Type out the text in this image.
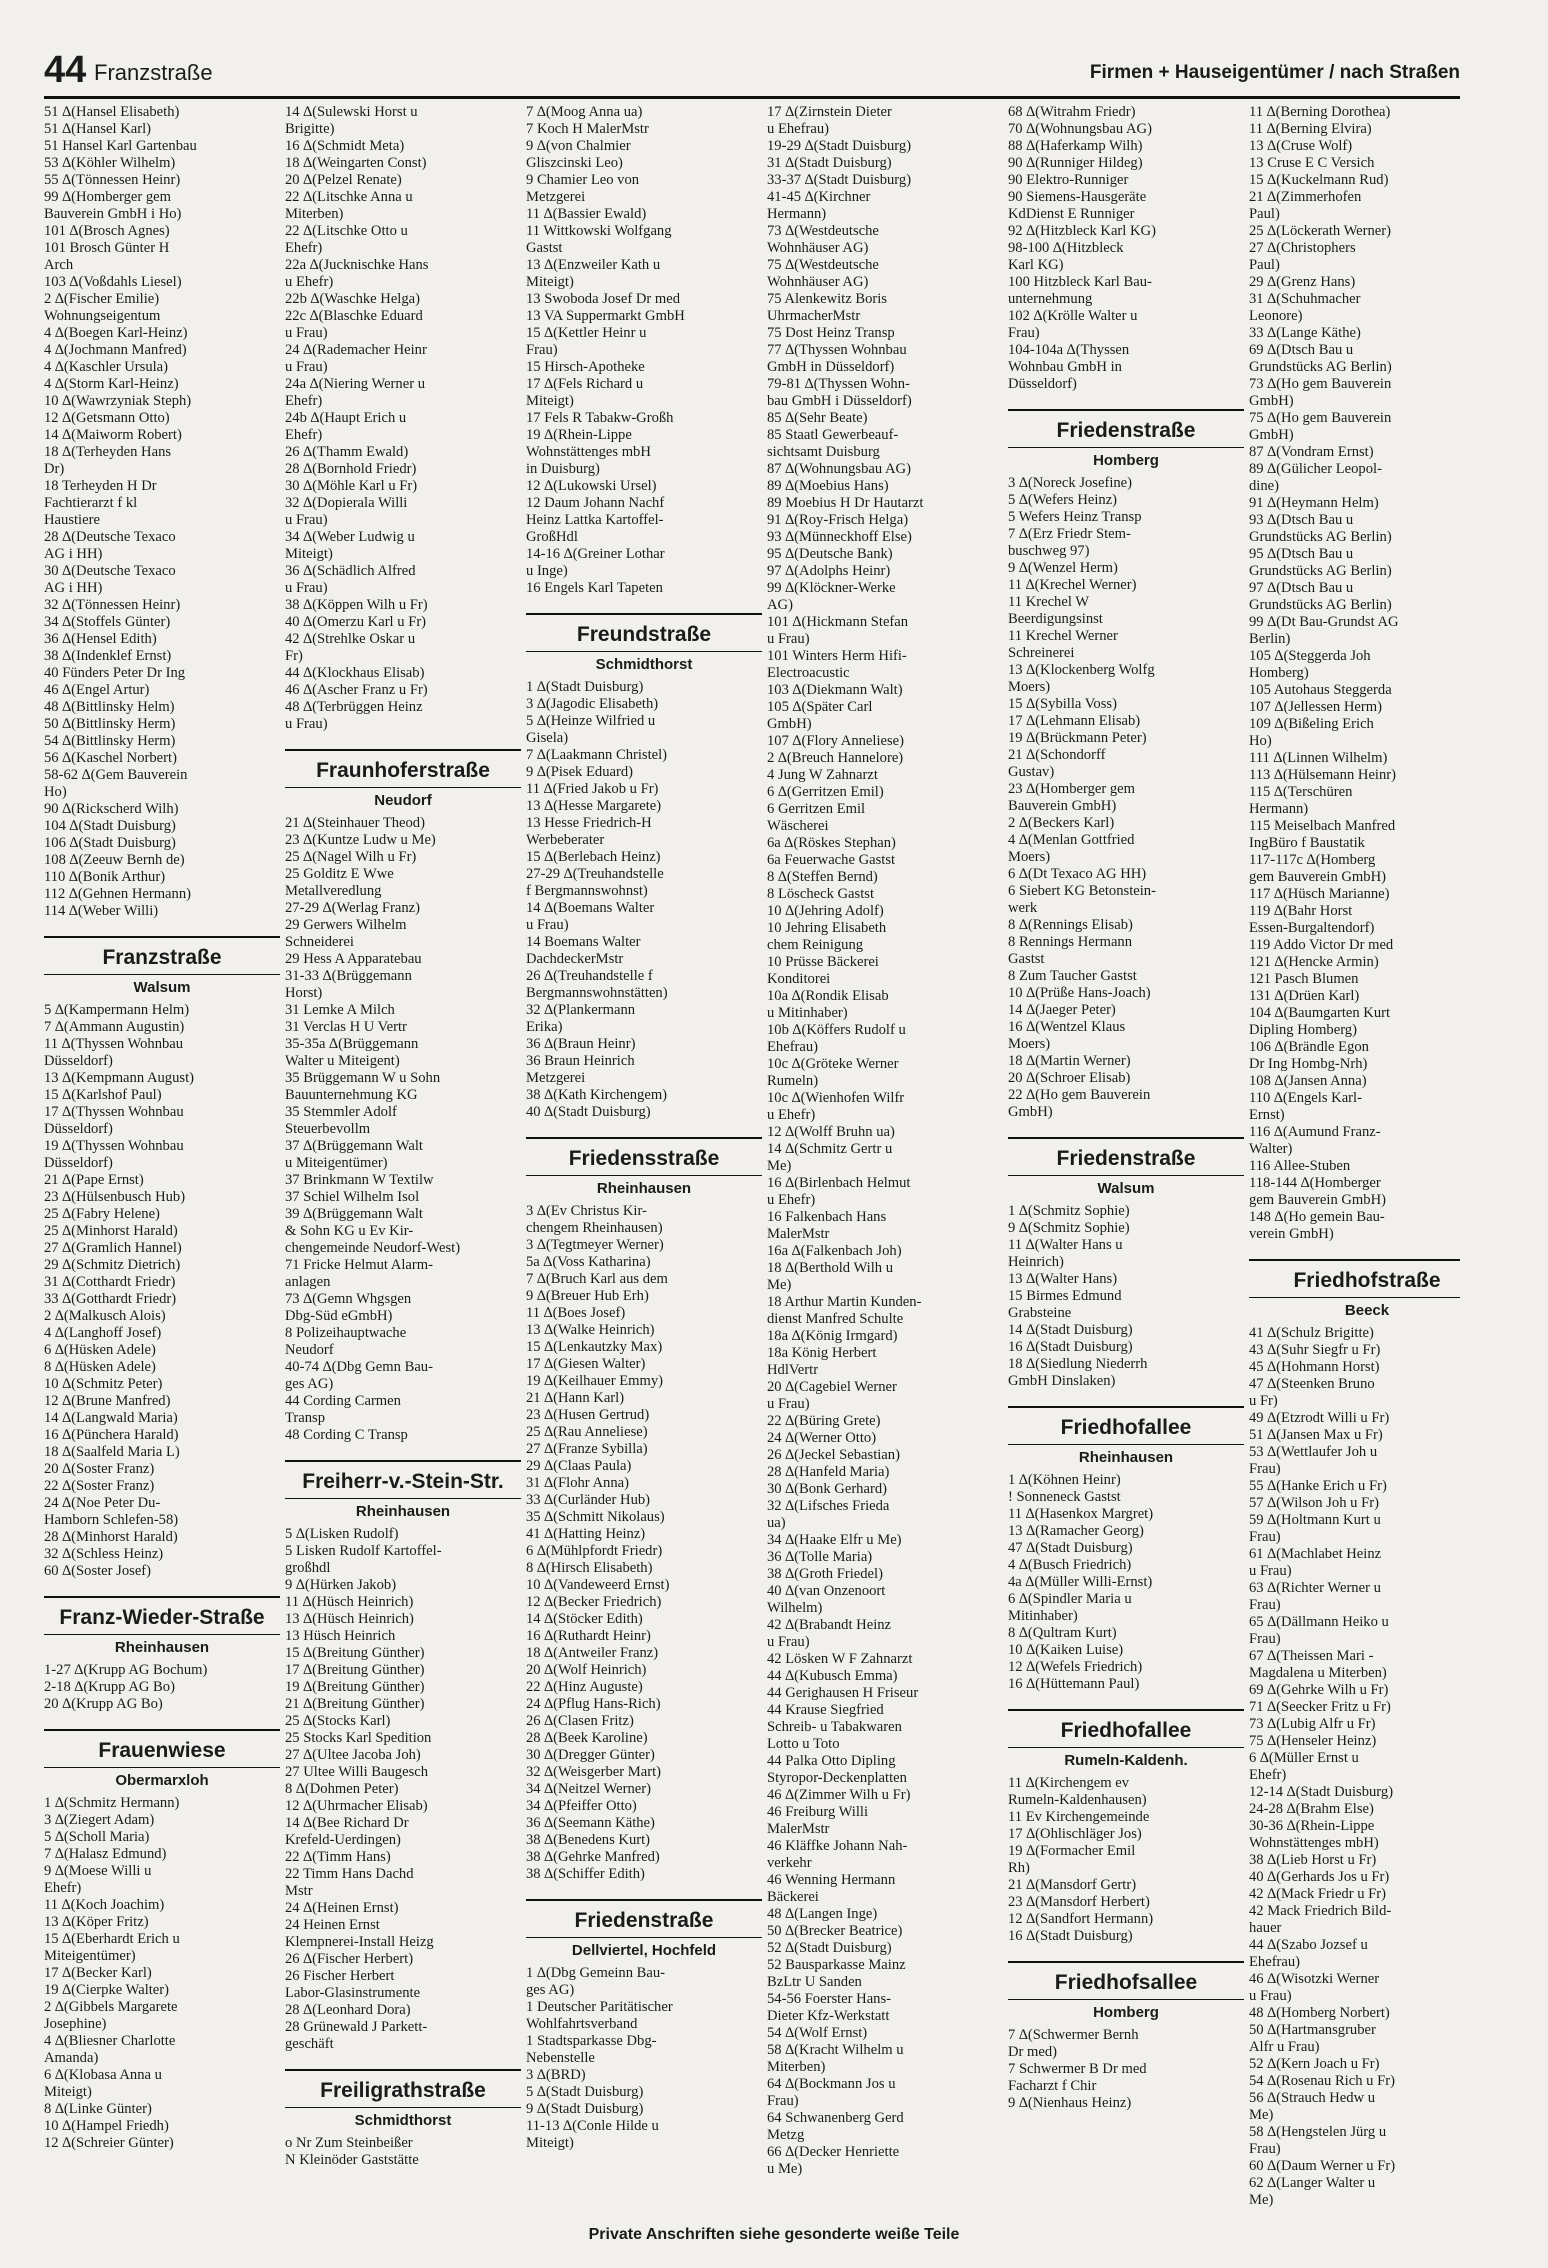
44 Franzstraße	Firmen + Hauseigentümer / nach Straßen
51 ∆(Hansel Elisabeth)
51 ∆(Hansel Karl)
51 Hansel Karl Gartenbau
53 ∆(Köhler Wilhelm)
55 ∆(Tönnessen Heinr)
99 ∆(Homberger gem
Bauverein GmbH i Ho)
101 ∆(Brosch Agnes)
101 Brosch Günter H
Arch
103 ∆(Voßdahls Liesel)
2 ∆(Fischer Emilie)
Wohnungseigentum
4 ∆(Boegen Karl-Heinz)
4 ∆(Jochmann Manfred)
4 ∆(Kaschler Ursula)
4 ∆(Storm Karl-Heinz)
10 ∆(Wawrzyniak Steph)
12 ∆(Getsmann Otto)
14 ∆(Maiworm Robert)
18 ∆(Terheyden Hans
Dr)
18 Terheyden H Dr
Fachtierarzt f kl
Haustiere
28 ∆(Deutsche Texaco
AG i HH)
30 ∆(Deutsche Texaco
AG i HH)
32 ∆(Tönnessen Heinr)
34 ∆(Stoffels Günter)
36 ∆(Hensel Edith)
38 ∆(Indenklef Ernst)
40 Fünders Peter Dr Ing
46 ∆(Engel Artur)
48 ∆(Bittlinsky Helm)
50 ∆(Bittlinsky Herm)
54 ∆(Bittlinsky Herm)
56 ∆(Kaschel Norbert)
58-62 ∆(Gem Bauverein
Ho)
90 ∆(Rickscherd Wilh)
104 ∆(Stadt Duisburg)
106 ∆(Stadt Duisburg)
108 ∆(Zeeuw Bernh de)
110 ∆(Bonik Arthur)
112 ∆(Gehnen Hermann)
114 ∆(Weber Willi)
Franzstraße
Walsum
5 ∆(Kampermann Helm)
7 ∆(Ammann Augustin)
11 ∆(Thyssen Wohnbau
Düsseldorf)
13 ∆(Kempmann August)
15 ∆(Karlshof Paul)
17 ∆(Thyssen Wohnbau
Düsseldorf)
19 ∆(Thyssen Wohnbau
Düsseldorf)
21 ∆(Pape Ernst)
23 ∆(Hülsenbusch Hub)
25 ∆(Fabry Helene)
25 ∆(Minhorst Harald)
27 ∆(Gramlich Hannel)
29 ∆(Schmitz Dietrich)
31 ∆(Cotthardt Friedr)
33 ∆(Gotthardt Friedr)
2 ∆(Malkusch Alois)
4 ∆(Langhoff Josef)
6 ∆(Hüsken Adele)
8 ∆(Hüsken Adele)
10 ∆(Schmitz Peter)
12 ∆(Brune Manfred)
14 ∆(Langwald Maria)
16 ∆(Pünchera Harald)
18 ∆(Saalfeld Maria L)
20 ∆(Soster Franz)
22 ∆(Soster Franz)
24 ∆(Noe Peter Du-
Hamborn Schlefen-58)
28 ∆(Minhorst Harald)
32 ∆(Schless Heinz)
60 ∆(Soster Josef)
Franz-Wieder-Straße
Rheinhausen
1-27 ∆(Krupp AG Bochum)
2-18 ∆(Krupp AG Bo)
20 ∆(Krupp AG Bo)
Frauenwiese
Obermarxloh
1 ∆(Schmitz Hermann)
3 ∆(Ziegert Adam)
5 ∆(Scholl Maria)
7 ∆(Halasz Edmund)
9 ∆(Moese Willi u
Ehefr)
11 ∆(Koch Joachim)
13 ∆(Köper Fritz)
15 ∆(Eberhardt Erich u
Miteigentümer)
17 ∆(Becker Karl)
19 ∆(Cierpke Walter)
2 ∆(Gibbels Margarete
Josephine)
4 ∆(Bliesner Charlotte
Amanda)
6 ∆(Klobasa Anna u
Miteigt)
8 ∆(Linke Günter)
10 ∆(Hampel Friedh)
12 ∆(Schreier Günter)
14 ∆(Sulewski Horst u
Brigitte)
16 ∆(Schmidt Meta)
18 ∆(Weingarten Const)
20 ∆(Pelzel Renate)
22 ∆(Litschke Anna u
Miterben)
22 ∆(Litschke Otto u
Ehefr)
22a ∆(Jucknischke Hans
u Ehefr)
22b ∆(Waschke Helga)
22c ∆(Blaschke Eduard
u Frau)
24 ∆(Rademacher Heinr
u Frau)
24a ∆(Niering Werner u
Ehefr)
24b ∆(Haupt Erich u
Ehefr)
26 ∆(Thamm Ewald)
28 ∆(Bornhold Friedr)
30 ∆(Möhle Karl u Fr)
32 ∆(Dopierala Willi
u Frau)
34 ∆(Weber Ludwig u
Miteigt)
36 ∆(Schädlich Alfred
u Frau)
38 ∆(Köppen Wilh u Fr)
40 ∆(Omerzu Karl u Fr)
42 ∆(Strehlke Oskar u
Fr)
44 ∆(Klockhaus Elisab)
46 ∆(Ascher Franz u Fr)
48 ∆(Terbrüggen Heinz
u Frau)
Fraunhoferstraße
Neudorf
21 ∆(Steinhauer Theod)
23 ∆(Kuntze Ludw u Me)
25 ∆(Nagel Wilh u Fr)
25 Golditz E Wwe
Metallveredlung
27-29 ∆(Werlag Franz)
29 Gerwers Wilhelm
Schneiderei
29 Hess A Apparatebau
31-33 ∆(Brüggemann
Horst)
31 Lemke A Milch
31 Verclas H U Vertr
35-35a ∆(Brüggemann
Walter u Miteigent)
35 Brüggemann W u Sohn
Bauunternehmung KG
35 Stemmler Adolf
Steuerbevollm
37 ∆(Brüggemann Walt
u Miteigentümer)
37 Brinkmann W Textilw
37 Schiel Wilhelm Isol
39 ∆(Brüggemann Walt
& Sohn KG u Ev Kir-
chengemeinde Neudorf-West)
71 Fricke Helmut Alarm-
anlagen
73 ∆(Gemn Whgsgen
Dbg-Süd eGmbH)
8 Polizeihauptwache
Neudorf
40-74 ∆(Dbg Gemn Bau-
ges AG)
44 Cording Carmen
Transp
48 Cording C Transp
Freiherr-v.-Stein-Str.
Rheinhausen
5 ∆(Lisken Rudolf)
5 Lisken Rudolf Kartoffel-
großhdl
9 ∆(Hürken Jakob)
11 ∆(Hüsch Heinrich)
13 ∆(Hüsch Heinrich)
13 Hüsch Heinrich
15 ∆(Breitung Günther)
17 ∆(Breitung Günther)
19 ∆(Breitung Günther)
21 ∆(Breitung Günther)
25 ∆(Stocks Karl)
25 Stocks Karl Spedition
27 ∆(Ultee Jacoba Joh)
27 Ultee Willi Baugesch
8 ∆(Dohmen Peter)
12 ∆(Uhrmacher Elisab)
14 ∆(Bee Richard Dr
Krefeld-Uerdingen)
22 ∆(Timm Hans)
22 Timm Hans Dachd
Mstr
24 ∆(Heinen Ernst)
24 Heinen Ernst
Klempnerei-Install Heizg
26 ∆(Fischer Herbert)
26 Fischer Herbert
Labor-Glasinstrumente
28 ∆(Leonhard Dora)
28 Grünewald J Parkett-
geschäft
Freiligrathstraße
Schmidthorst
o Nr Zum Steinbeißer
N Kleinöder Gaststätte
7 ∆(Moog Anna ua)
7 Koch H MalerMstr
9 ∆(von Chalmier
Gliszcinski Leo)
9 Chamier Leo von
Metzgerei
11 ∆(Bassier Ewald)
11 Wittkowski Wolfgang
Gastst
13 ∆(Enzweiler Kath u
Miteigt)
13 Swoboda Josef Dr med
13 VA Suppermarkt GmbH
15 ∆(Kettler Heinr u
Frau)
15 Hirsch-Apotheke
17 ∆(Fels Richard u
Miteigt)
17 Fels R Tabakw-Großh
19 ∆(Rhein-Lippe
Wohnstättenges mbH
in Duisburg)
12 ∆(Lukowski Ursel)
12 Daum Johann Nachf
Heinz Lattka Kartoffel-
GroßHdl
14-16 ∆(Greiner Lothar
u Inge)
16 Engels Karl Tapeten
Freundstraße
Schmidthorst
1 ∆(Stadt Duisburg)
3 ∆(Jagodic Elisabeth)
5 ∆(Heinze Wilfried u
Gisela)
7 ∆(Laakmann Christel)
9 ∆(Pisek Eduard)
11 ∆(Fried Jakob u Fr)
13 ∆(Hesse Margarete)
13 Hesse Friedrich-H
Werbeberater
15 ∆(Berlebach Heinz)
27-29 ∆(Treuhandstelle
f Bergmannswohnst)
14 ∆(Boemans Walter
u Frau)
14 Boemans Walter
DachdeckerMstr
26 ∆(Treuhandstelle f
Bergmannswohnstätten)
32 ∆(Plankermann
Erika)
36 ∆(Braun Heinr)
36 Braun Heinrich
Metzgerei
38 ∆(Kath Kirchengem)
40 ∆(Stadt Duisburg)
Friedensstraße
Rheinhausen
3 ∆(Ev Christus Kir-
chengem Rheinhausen)
3 ∆(Tegtmeyer Werner)
5a ∆(Voss Katharina)
7 ∆(Bruch Karl aus dem
9 ∆(Breuer Hub Erh)
11 ∆(Boes Josef)
13 ∆(Walke Heinrich)
15 ∆(Lenkautzky Max)
17 ∆(Giesen Walter)
19 ∆(Keilhauer Emmy)
21 ∆(Hann Karl)
23 ∆(Husen Gertrud)
25 ∆(Rau Anneliese)
27 ∆(Franze Sybilla)
29 ∆(Claas Paula)
31 ∆(Flohr Anna)
33 ∆(Curländer Hub)
35 ∆(Schmitt Nikolaus)
41 ∆(Hatting Heinz)
6 ∆(Mühlpfordt Friedr)
8 ∆(Hirsch Elisabeth)
10 ∆(Vandeweerd Ernst)
12 ∆(Becker Friedrich)
14 ∆(Stöcker Edith)
16 ∆(Ruthardt Heinr)
18 ∆(Antweiler Franz)
20 ∆(Wolf Heinrich)
22 ∆(Hinz Auguste)
24 ∆(Pflug Hans-Rich)
26 ∆(Clasen Fritz)
28 ∆(Beek Karoline)
30 ∆(Dregger Günter)
32 ∆(Weisgerber Mart)
34 ∆(Neitzel Werner)
34 ∆(Pfeiffer Otto)
36 ∆(Seemann Käthe)
38 ∆(Benedens Kurt)
38 ∆(Gehrke Manfred)
38 ∆(Schiffer Edith)
Friedenstraße
Dellviertel, Hochfeld
1 ∆(Dbg Gemeinn Bau-
ges AG)
1 Deutscher Paritätischer
Wohlfahrtsverband
1 Stadtsparkasse Dbg-
Nebenstelle
3 ∆(BRD)
5 ∆(Stadt Duisburg)
9 ∆(Stadt Duisburg)
11-13 ∆(Conle Hilde u
Miteigt)
17 ∆(Zirnstein Dieter
u Ehefrau)
19-29 ∆(Stadt Duisburg)
31 ∆(Stadt Duisburg)
33-37 ∆(Stadt Duisburg)
41-45 ∆(Kirchner
Hermann)
73 ∆(Westdeutsche
Wohnhäuser AG)
75 ∆(Westdeutsche
Wohnhäuser AG)
75 Alenkewitz Boris
UhrmacherMstr
75 Dost Heinz Transp
77 ∆(Thyssen Wohnbau
GmbH in Düsseldorf)
79-81 ∆(Thyssen Wohn-
bau GmbH i Düsseldorf)
85 ∆(Sehr Beate)
85 Staatl Gewerbeauf-
sichtsamt Duisburg
87 ∆(Wohnungsbau AG)
89 ∆(Moebius Hans)
89 Moebius H Dr Hautarzt
91 ∆(Roy-Frisch Helga)
93 ∆(Münneckhoff Else)
95 ∆(Deutsche Bank)
97 ∆(Adolphs Heinr)
99 ∆(Klöckner-Werke
AG)
101 ∆(Hickmann Stefan
u Frau)
101 Winters Herm Hifi-
Electroacustic
103 ∆(Diekmann Walt)
105 ∆(Später Carl
GmbH)
107 ∆(Flory Anneliese)
2 ∆(Breuch Hannelore)
4 Jung W Zahnarzt
6 ∆(Gerritzen Emil)
6 Gerritzen Emil
Wäscherei
6a ∆(Röskes Stephan)
6a Feuerwache Gastst
8 ∆(Steffen Bernd)
8 Löscheck Gastst
10 ∆(Jehring Adolf)
10 Jehring Elisabeth
chem Reinigung
10 Prüsse Bäckerei
Konditorei
10a ∆(Rondik Elisab
u Mitinhaber)
10b ∆(Köffers Rudolf u
Ehefrau)
10c ∆(Gröteke Werner
Rumeln)
10c ∆(Wienhofen Wilfr
u Ehefr)
12 ∆(Wolff Bruhn ua)
14 ∆(Schmitz Gertr u
Me)
16 ∆(Birlenbach Helmut
u Ehefr)
16 Falkenbach Hans
MalerMstr
16a ∆(Falkenbach Joh)
18 ∆(Berthold Wilh u
Me)
18 Arthur Martin Kunden-
dienst Manfred Schulte
18a ∆(König Irmgard)
18a König Herbert
HdlVertr
20 ∆(Cagebiel Werner
u Frau)
22 ∆(Büring Grete)
24 ∆(Werner Otto)
26 ∆(Jeckel Sebastian)
28 ∆(Hanfeld Maria)
30 ∆(Bonk Gerhard)
32 ∆(Lifsches Frieda
ua)
34 ∆(Haake Elfr u Me)
36 ∆(Tolle Maria)
38 ∆(Groth Friedel)
40 ∆(van Onzenoort
Wilhelm)
42 ∆(Brabandt Heinz
u Frau)
42 Lösken W F Zahnarzt
44 ∆(Kubusch Emma)
44 Gerighausen H Friseur
44 Krause Siegfried
Schreib- u Tabakwaren
Lotto u Toto
44 Palka Otto Dipling
Styropor-Deckenplatten
46 ∆(Zimmer Wilh u Fr)
46 Freiburg Willi
MalerMstr
46 Kläffke Johann Nah-
verkehr
46 Wenning Hermann
Bäckerei
48 ∆(Langen Inge)
50 ∆(Brecker Beatrice)
52 ∆(Stadt Duisburg)
52 Bausparkasse Mainz
BzLtr U Sanden
54-56 Foerster Hans-
Dieter Kfz-Werkstatt
54 ∆(Wolf Ernst)
58 ∆(Kracht Wilhelm u
Miterben)
64 ∆(Bockmann Jos u
Frau)
64 Schwanenberg Gerd
Metzg
66 ∆(Decker Henriette
u Me)
68 ∆(Witrahm Friedr)
70 ∆(Wohnungsbau AG)
88 ∆(Haferkamp Wilh)
90 ∆(Runniger Hildeg)
90 Elektro-Runniger
90 Siemens-Hausgeräte
KdDienst E Runniger
92 ∆(Hitzbleck Karl KG)
98-100 ∆(Hitzbleck
Karl KG)
100 Hitzbleck Karl Bau-
unternehmung
102 ∆(Krölle Walter u
Frau)
104-104a ∆(Thyssen
Wohnbau GmbH in
Düsseldorf)
Friedenstraße
Homberg
3 ∆(Noreck Josefine)
5 ∆(Wefers Heinz)
5 Wefers Heinz Transp
7 ∆(Erz Friedr Stem-
buschweg 97)
9 ∆(Wenzel Herm)
11 ∆(Krechel Werner)
11 Krechel W
Beerdigungsinst
11 Krechel Werner
Schreinerei
13 ∆(Klockenberg Wolfg
Moers)
15 ∆(Sybilla Voss)
17 ∆(Lehmann Elisab)
19 ∆(Brückmann Peter)
21 ∆(Schondorff
Gustav)
23 ∆(Homberger gem
Bauverein GmbH)
2 ∆(Beckers Karl)
4 ∆(Menlan Gottfried
Moers)
6 ∆(Dt Texaco AG HH)
6 Siebert KG Betonstein-
werk
8 ∆(Rennings Elisab)
8 Rennings Hermann
Gastst
8 Zum Taucher Gastst
10 ∆(Prüße Hans-Joach)
14 ∆(Jaeger Peter)
16 ∆(Wentzel Klaus
Moers)
18 ∆(Martin Werner)
20 ∆(Schroer Elisab)
22 ∆(Ho gem Bauverein
GmbH)
Friedenstraße
Walsum
1 ∆(Schmitz Sophie)
9 ∆(Schmitz Sophie)
11 ∆(Walter Hans u
Heinrich)
13 ∆(Walter Hans)
15 Birmes Edmund
Grabsteine
14 ∆(Stadt Duisburg)
16 ∆(Stadt Duisburg)
18 ∆(Siedlung Niederrh
GmbH Dinslaken)
Friedhofallee
Rheinhausen
1 ∆(Köhnen Heinr)
! Sonneneck Gastst
11 ∆(Hasenkox Margret)
13 ∆(Ramacher Georg)
47 ∆(Stadt Duisburg)
4 ∆(Busch Friedrich)
4a ∆(Müller Willi-Ernst)
6 ∆(Spindler Maria u
Mitinhaber)
8 ∆(Qultram Kurt)
10 ∆(Kaiken Luise)
12 ∆(Wefels Friedrich)
16 ∆(Hüttemann Paul)
Friedhofallee
Rumeln-Kaldenh.
11 ∆(Kirchengem ev
Rumeln-Kaldenhausen)
11 Ev Kirchengemeinde
17 ∆(Ohlischläger Jos)
19 ∆(Formacher Emil
Rh)
21 ∆(Mansdorf Gertr)
23 ∆(Mansdorf Herbert)
12 ∆(Sandfort Hermann)
16 ∆(Stadt Duisburg)
Friedhofsallee
Homberg
7 ∆(Schwermer Bernh
Dr med)
7 Schwermer B Dr med
Facharzt f Chir
9 ∆(Nienhaus Heinz)
11 ∆(Berning Dorothea)
11 ∆(Berning Elvira)
13 ∆(Cruse Wolf)
13 Cruse E C Versich
15 ∆(Kuckelmann Rud)
21 ∆(Zimmerhofen
Paul)
25 ∆(Löckerath Werner)
27 ∆(Christophers
Paul)
29 ∆(Grenz Hans)
31 ∆(Schuhmacher
Leonore)
33 ∆(Lange Käthe)
69 ∆(Dtsch Bau u
Grundstücks AG Berlin)
73 ∆(Ho gem Bauverein
GmbH)
75 ∆(Ho gem Bauverein
GmbH)
87 ∆(Vondram Ernst)
89 ∆(Gülicher Leopol-
dine)
91 ∆(Heymann Helm)
93 ∆(Dtsch Bau u
Grundstücks AG Berlin)
95 ∆(Dtsch Bau u
Grundstücks AG Berlin)
97 ∆(Dtsch Bau u
Grundstücks AG Berlin)
99 ∆(Dt Bau-Grundst AG
Berlin)
105 ∆(Steggerda Joh
Homberg)
105 Autohaus Steggerda
107 ∆(Jellessen Herm)
109 ∆(Bißeling Erich
Ho)
111 ∆(Linnen Wilhelm)
113 ∆(Hülsemann Heinr)
115 ∆(Terschüren
Hermann)
115 Meiselbach Manfred
IngBüro f Baustatik
117-117c ∆(Homberg
gem Bauverein GmbH)
117 ∆(Hüsch Marianne)
119 ∆(Bahr Horst
Essen-Burgaltendorf)
119 Addo Victor Dr med
121 ∆(Hencke Armin)
121 Pasch Blumen
131 ∆(Drüen Karl)
104 ∆(Baumgarten Kurt
Dipling Homberg)
106 ∆(Brändle Egon
Dr Ing Hombg-Nrh)
108 ∆(Jansen Anna)
110 ∆(Engels Karl-
Ernst)
116 ∆(Aumund Franz-
Walter)
116 Allee-Stuben
118-144 ∆(Homberger
gem Bauverein GmbH)
148 ∆(Ho gemein Bau-
verein GmbH)
Friedhofstraße
Beeck
41 ∆(Schulz Brigitte)
43 ∆(Suhr Siegfr u Fr)
45 ∆(Hohmann Horst)
47 ∆(Steenken Bruno
u Fr)
49 ∆(Etzrodt Willi u Fr)
51 ∆(Jansen Max u Fr)
53 ∆(Wettlaufer Joh u
Frau)
55 ∆(Hanke Erich u Fr)
57 ∆(Wilson Joh u Fr)
59 ∆(Holtmann Kurt u
Frau)
61 ∆(Machlabet Heinz
u Frau)
63 ∆(Richter Werner u
Frau)
65 ∆(Dällmann Heiko u
Frau)
67 ∆(Theissen Mari -
Magdalena u Miterben)
69 ∆(Gehrke Wilh u Fr)
71 ∆(Seecker Fritz u Fr)
73 ∆(Lubig Alfr u Fr)
75 ∆(Henseler Heinz)
6 ∆(Müller Ernst u
Ehefr)
12-14 ∆(Stadt Duisburg)
24-28 ∆(Brahm Else)
30-36 ∆(Rhein-Lippe
Wohnstättenges mbH)
38 ∆(Lieb Horst u Fr)
40 ∆(Gerhards Jos u Fr)
42 ∆(Mack Friedr u Fr)
42 Mack Friedrich Bild-
hauer
44 ∆(Szabo Jozsef u
Ehefrau)
46 ∆(Wisotzki Werner
u Frau)
48 ∆(Homberg Norbert)
50 ∆(Hartmansgruber
Alfr u Frau)
52 ∆(Kern Joach u Fr)
54 ∆(Rosenau Rich u Fr)
56 ∆(Strauch Hedw u
Me)
58 ∆(Hengstelen Jürg u
Frau)
60 ∆(Daum Werner u Fr)
62 ∆(Langer Walter u
Me)
Private Anschriften siehe gesonderte weiße Teile
